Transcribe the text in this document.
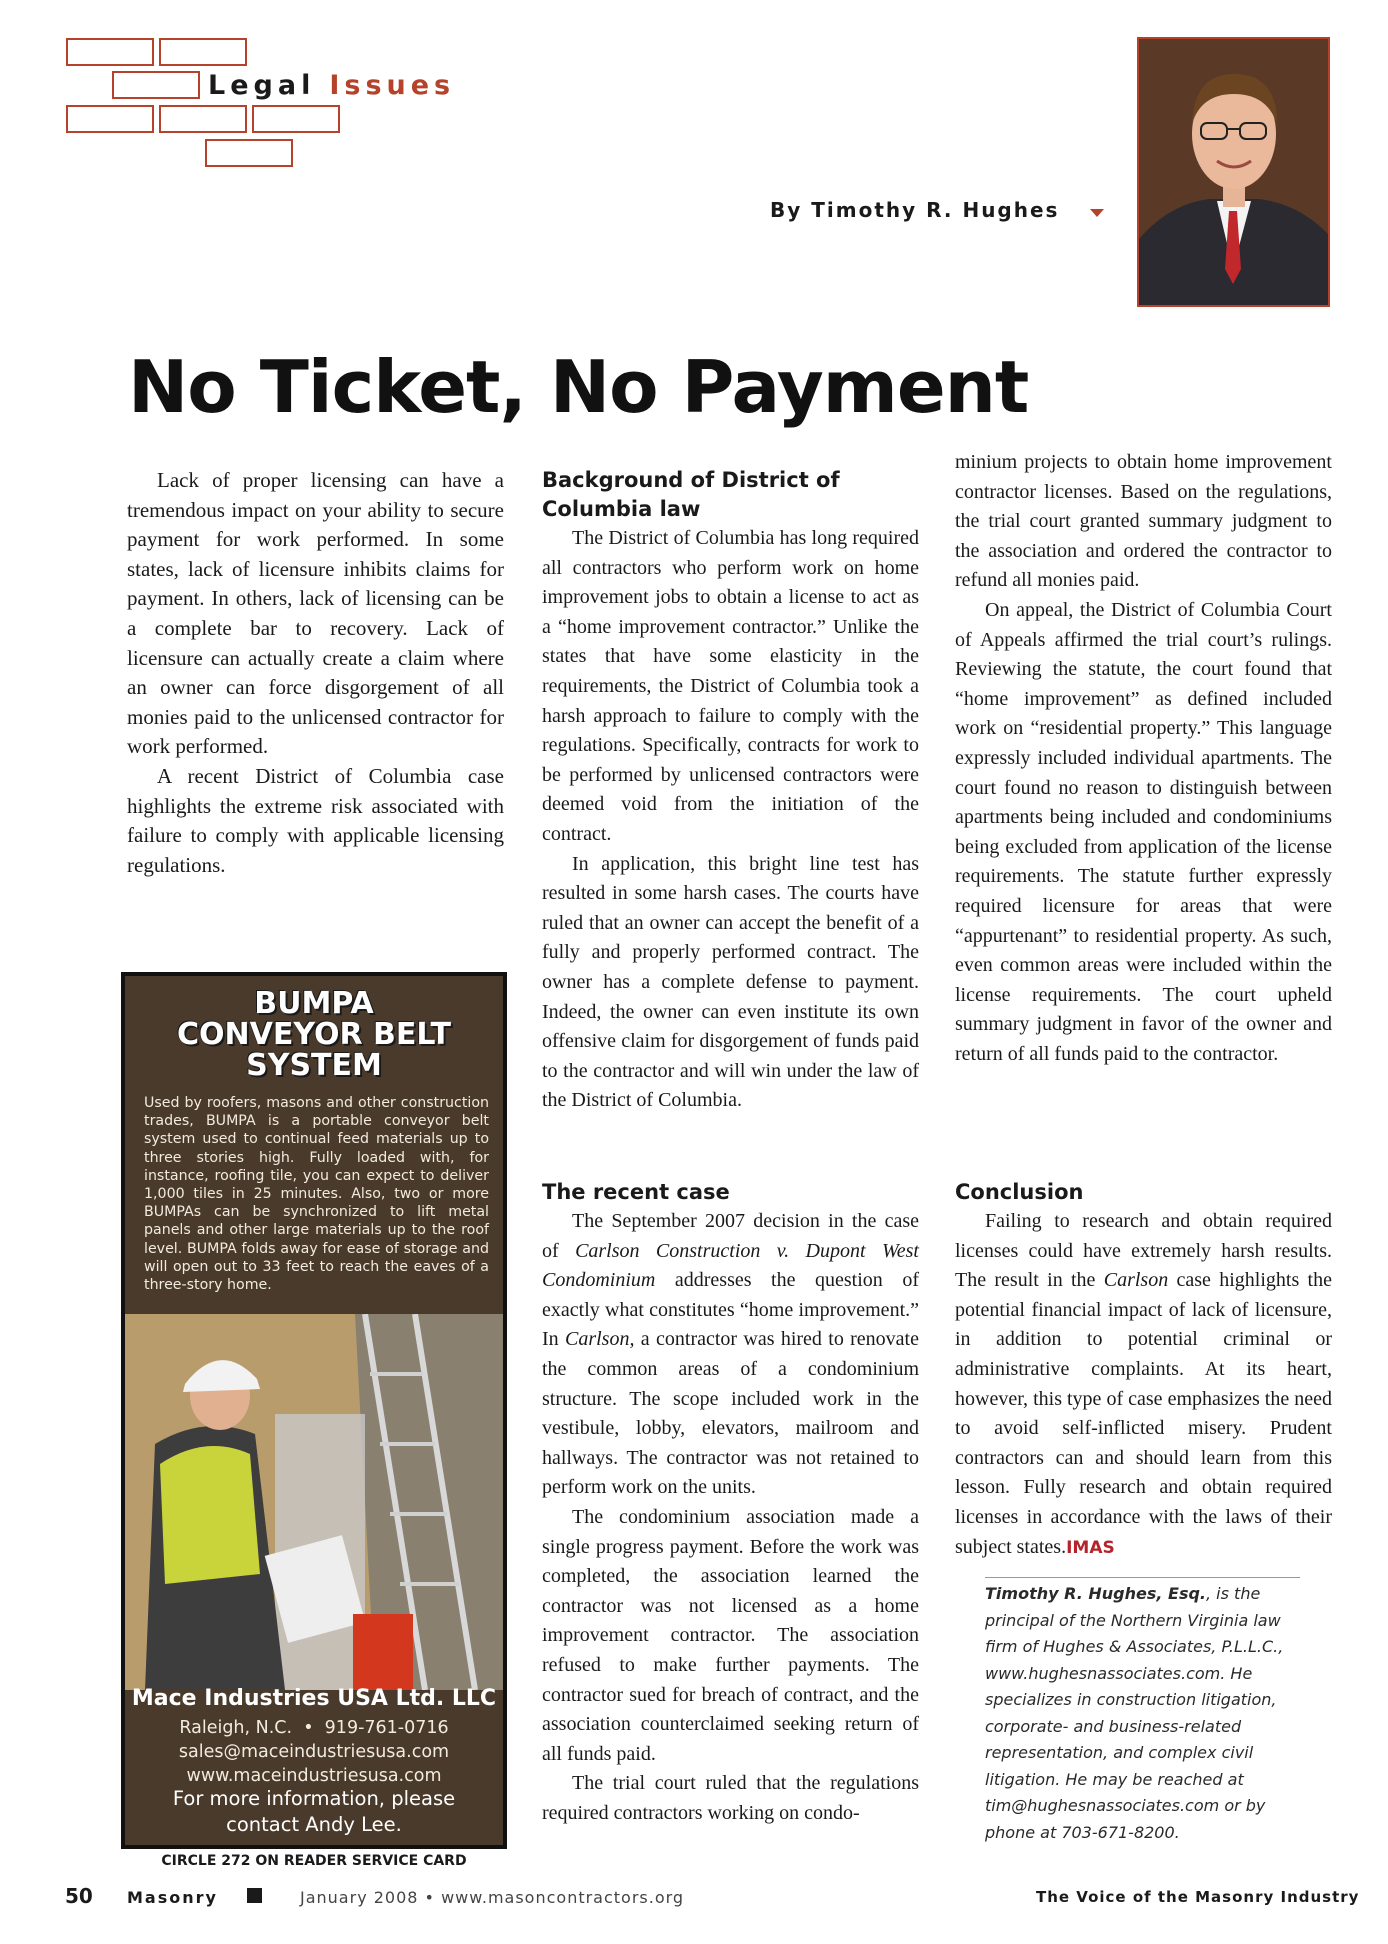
Legal Issues
By Timothy R. Hughes
No Ticket, No Payment

Lack of proper licensing can have a tremendous impact on your ability to secure payment for work performed. In some states, lack of licensure inhibits claims for payment. In others, lack of licensing can be a complete bar to recovery. Lack of licensure can actually create a claim where an owner can force disgorgement of all monies paid to the unlicensed contractor for work performed.

A recent District of Columbia case highlights the extreme risk associated with failure to comply with applicable licensing regulations.

Background of District of Columbia law

The District of Columbia has long required all contractors who perform work on home improvement jobs to obtain a license to act as a “home improvement contractor.” Unlike the states that have some elasticity in the requirements, the District of Columbia took a harsh approach to failure to comply with the regulations. Specifically, contracts for work to be performed by unlicensed contractors were deemed void from the initiation of the contract.

In application, this bright line test has resulted in some harsh cases. The courts have ruled that an owner can accept the benefit of a fully and properly performed contract. The owner has a complete defense to payment. Indeed, the owner can even institute its own offensive claim for disgorgement of funds paid to the contractor and will win under the law of the District of Columbia.

The recent case

The September 2007 decision in the case of Carlson Construction v. Dupont West Condominium addresses the question of exactly what constitutes “home improvement.” In Carlson, a contractor was hired to renovate the common areas of a condominium structure. The scope included work in the vestibule, lobby, elevators, mailroom and hallways. The contractor was not retained to perform work on the units.

The condominium association made a single progress payment. Before the work was completed, the association learned the contractor was not licensed as a home improvement contractor. The association refused to make further payments. The contractor sued for breach of contract, and the association counterclaimed seeking return of all funds paid.

The trial court ruled that the regulations required contractors working on condo-

minium projects to obtain home improvement contractor licenses. Based on the regulations, the trial court granted summary judgment to the association and ordered the contractor to refund all monies paid.

On appeal, the District of Columbia Court of Appeals affirmed the trial court’s rulings. Reviewing the statute, the court found that “home improvement” as defined included work on “residential property.” This language expressly included individual apartments. The court found no reason to distinguish between apartments being included and condominiums being excluded from application of the license requirements. The statute further expressly required licensure for areas that were “appurtenant” to residential property. As such, even common areas were included within the license requirements. The court upheld summary judgment in favor of the owner and return of all funds paid to the contractor.

Conclusion

Failing to research and obtain required licenses could have extremely harsh results. The result in the Carlson case highlights the potential financial impact of lack of licensure, in addition to potential criminal or administrative complaints. At its heart, however, this type of case emphasizes the need to avoid self-inflicted misery. Prudent contractors can and should learn from this lesson. Fully research and obtain required licenses in accordance with the laws of their subject states.IMAS

Timothy R. Hughes, Esq., is the principal of the Northern Virginia law firm of Hughes & Associates, P.L.L.C., www.hughesnassociates.com. He specializes in construction litigation, corporate- and business-related representation, and complex civil litigation. He may be reached at tim@hughesnassociates.com or by phone at 703-671-8200.
BUMPA
CONVEYOR BELT
SYSTEM
Used by roofers, masons and other construction trades, BUMPA is a portable conveyor belt system used to continual feed materials up to three stories high. Fully loaded with, for instance, roofing tile, you can expect to deliver 1,000 tiles in 25 minutes. Also, two or more BUMPAs can be synchronized to lift metal panels and other large materials up to the roof level. BUMPA folds away for ease of storage and will open out to 33 feet to reach the eaves of a three-story home.
Mace Industries USA Ltd. LLC
Raleigh, N.C.  •  919-761-0716
sales@maceindustriesusa.com
www.maceindustriesusa.com
For more information, please
contact Andy Lee.
CIRCLE 272 ON READER SERVICE CARD
50 Masonry	January 2008 • www.masoncontractors.org	The Voice of the Masonry Industry
